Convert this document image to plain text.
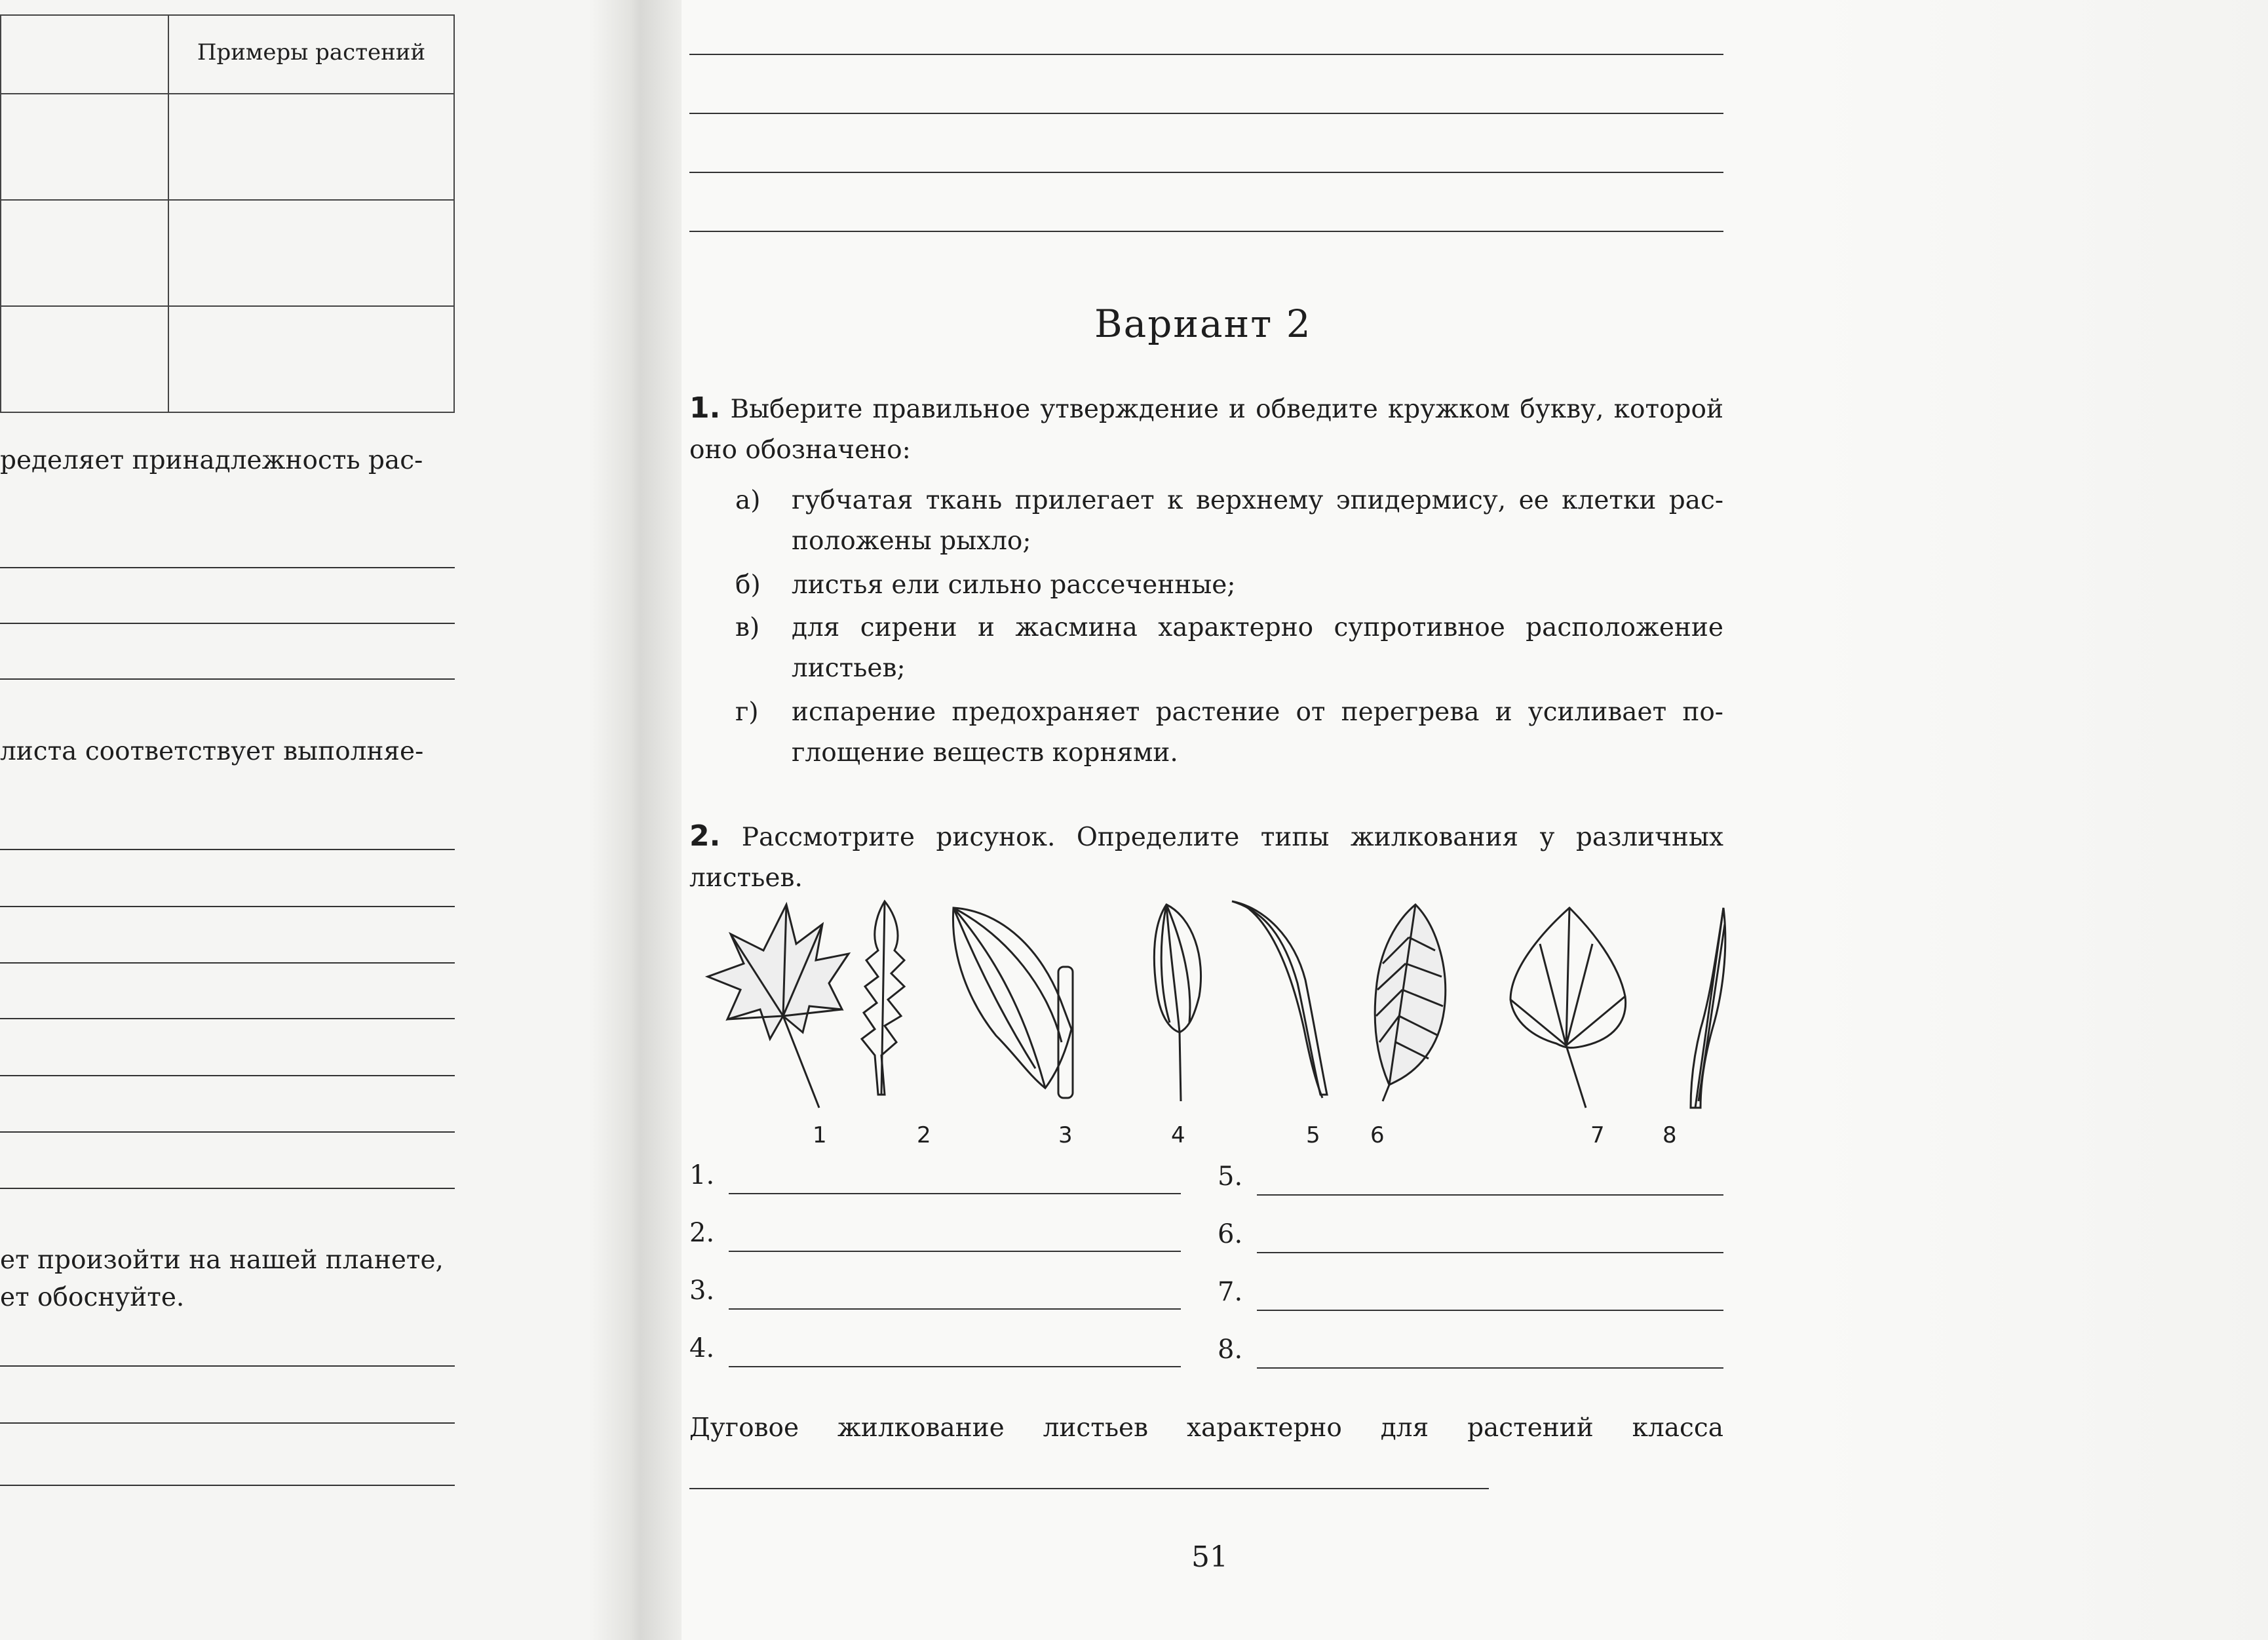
	Примеры растений

ределяет принадлежность рас-
листа соответствует выполняе-
ет произойти на нашей планете,
ет обоснуйте.
Вариант 2
1. Выберите правильное утверждение и обведите кружком букву, которой оно обозначено:
а) губчатая ткань прилегает к верхнему эпидермису, ее клетки рас-положены рыхло;
б) листья ели сильно рассеченные;
в) для сирени и жасмина характерно супротивное расположение листьев;
г) испарение предохраняет растение от перегрева и усиливает по-глощение веществ корнями.
2. Рассмотрите рисунок. Определите типы жилкования у различных листьев.
1	2	3	4	5 6	7	8
1.
2.
3.
4.
5.
6.
7.
8.
Дуговое жилкование листьев характерно для растений класса
51
